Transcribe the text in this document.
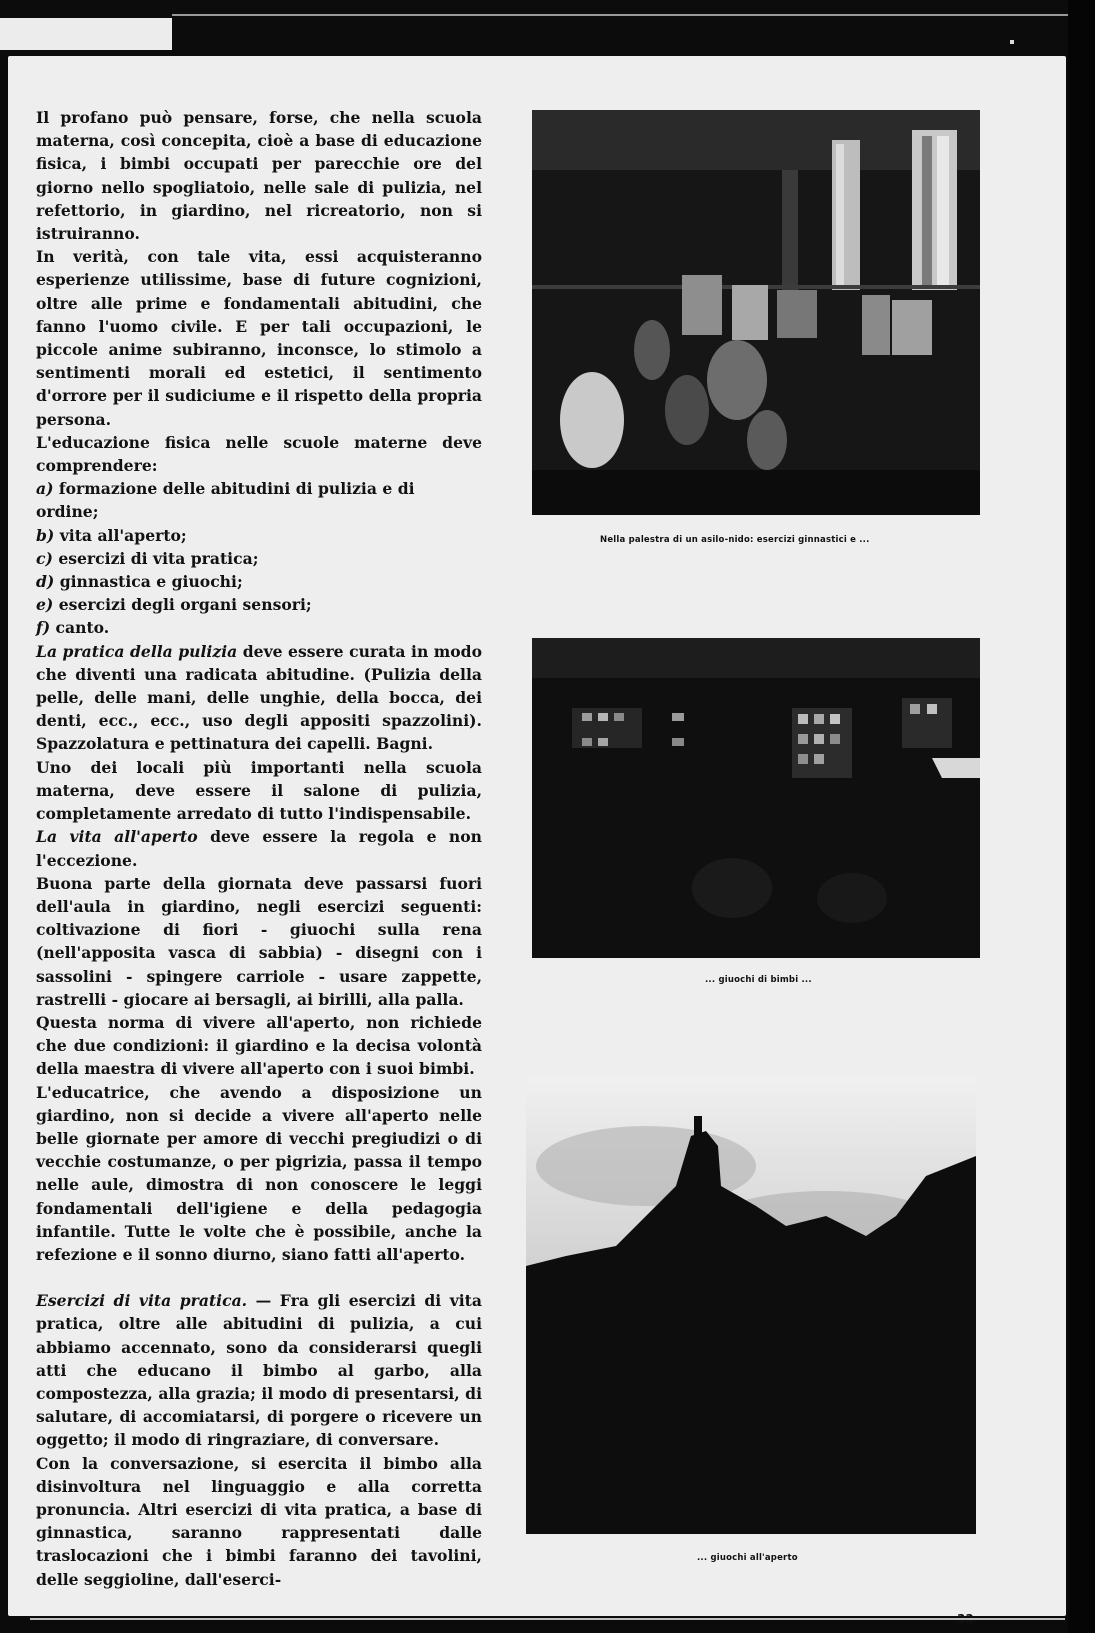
Il profano può pensare, forse, che nella scuola materna, così concepita, cioè a base di educazione fisica, i bimbi occupati per parecchie ore del giorno nello spogliatoio, nelle sale di pulizia, nel refettorio, in giardino, nel ricreatorio, non si istruiranno.

In verità, con tale vita, essi acquisteranno esperienze utilissime, base di future cognizioni, oltre alle prime e fondamentali abitudini, che fanno l'uomo civile. E per tali occupazioni, le piccole anime subiranno, inconsce, lo stimolo a sentimenti morali ed estetici, il sentimento d'orrore per il sudiciume e il rispetto della propria persona.

L'educazione fisica nelle scuole materne deve comprendere:

a) formazione delle abitudini di pulizia e di ordine;
b) vita all'aperto;
c) esercizi di vita pratica;
d) ginnastica e giuochi;
e) esercizi degli organi sensori;
f) canto.

La pratica della pulizia deve essere curata in modo che diventi una radicata abitudine. (Pulizia della pelle, delle mani, delle unghie, della bocca, dei denti, ecc., ecc., uso degli appositi spazzolini). Spazzolatura e pettinatura dei capelli. Bagni.

Uno dei locali più importanti nella scuola materna, deve essere il salone di pulizia, completamente arredato di tutto l'indispensabile.

La vita all'aperto deve essere la regola e non l'eccezione.

Buona parte della giornata deve passarsi fuori dell'aula in giardino, negli esercizi seguenti: coltivazione di fiori - giuochi sulla rena (nell'apposita vasca di sabbia) - disegni con i sassolini - spingere carriole - usare zappette, rastrelli - giocare ai bersagli, ai birilli, alla palla.

Questa norma di vivere all'aperto, non richiede che due condizioni: il giardino e la decisa volontà della maestra di vivere all'aperto con i suoi bimbi.

L'educatrice, che avendo a disposizione un giardino, non si decide a vivere all'aperto nelle belle giornate per amore di vecchi pregiudizi o di vecchie costumanze, o per pigrizia, passa il tempo nelle aule, dimostra di non conoscere le leggi fondamentali dell'igiene e della pedagogia infantile. Tutte le volte che è possibile, anche la refezione e il sonno diurno, siano fatti all'aperto.

Esercizi di vita pratica. — Fra gli esercizi di vita pratica, oltre alle abitudini di pulizia, a cui abbiamo accennato, sono da considerarsi quegli atti che educano il bimbo al garbo, alla compostezza, alla grazia; il modo di presentarsi, di salutare, di accomiatarsi, di porgere o ricevere un oggetto; il modo di ringraziare, di conversare.

Con la conversazione, si esercita il bimbo alla disinvoltura nel linguaggio e alla corretta pronuncia. Altri esercizi di vita pratica, a base di ginnastica, saranno rappresentati dalle traslocazioni che i bimbi faranno dei tavolini, delle seggioline, dall'eserci-

Nella palestra di un asilo-nido: esercizi ginnastici e ...
... giuochi di bimbi ...
... giuochi all'aperto
